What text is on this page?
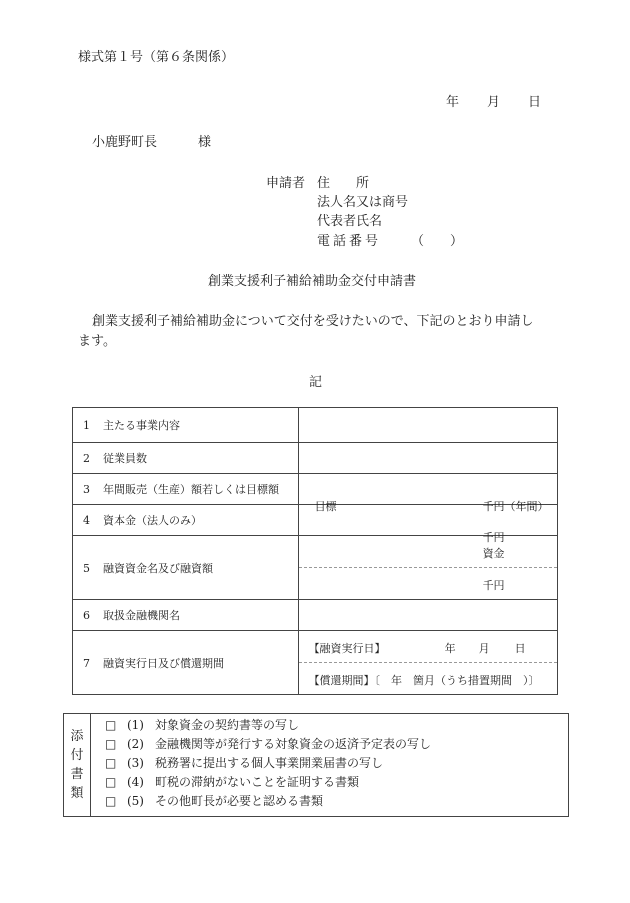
様式第１号（第６条関係）
年 月 日
小鹿野町長	様
申請者 住　　所
法人名又は商号
代表者氏名
電話番号 （　　）
創業支援利子補給補助金交付申請書
創業支援利子補給補助金について交付を受けたいので、下記のとおり申請し
ます。
記
1 主たる事業内容	
2 従業員数	
3 年間販売（生産）額若しくは目標額	目標 千円（年間）

4 資本金（法人のみ）	千円

5 融資資金名及び融資額	資金
千円

6 取扱金融機関名	
7 融資実行日及び償還期間	【融資実行日】 年 月 日
【償還期間】〔　年　箇月（うち措置期間　）〕
添
付
書
類

□ (1) 対象資金の契約書等の写し
□ (2) 金融機関等が発行する対象資金の返済予定表の写し
□ (3) 税務署に提出する個人事業開業届書の写し
□ (4) 町税の滞納がないことを証明する書類
□ (5) その他町長が必要と認める書類
